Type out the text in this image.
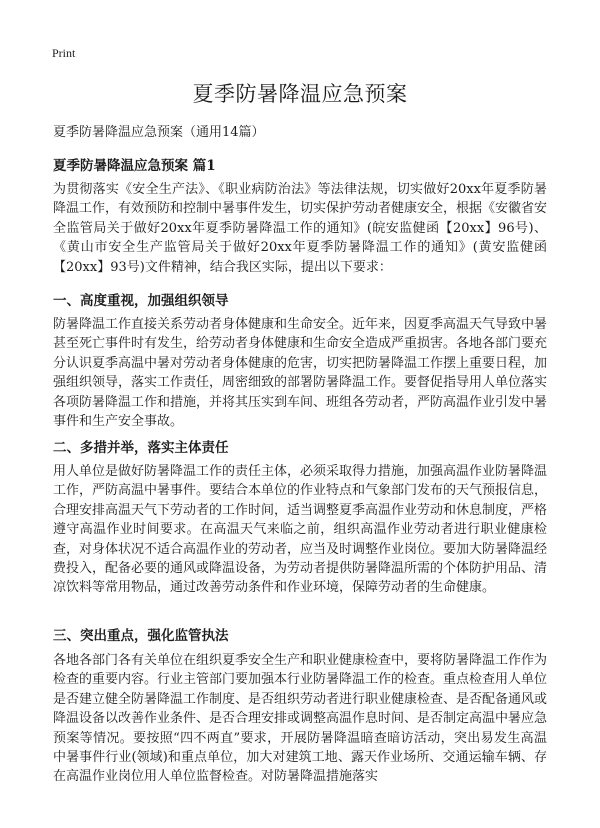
Print
夏季防暑降温应急预案
夏季防暑降温应急预案（通用14篇）
夏季防暑降温应急预案 篇1
为贯彻落实《安全生产法》、《职业病防治法》等法律法规，切实做好20xx年夏季防暑降温工作，有效预防和控制中暑事件发生，切实保护劳动者健康安全，根据《安徽省安全监管局关于做好20xx年夏季防暑降温工作的通知》(皖安监健函【20xx】96号)、《黄山市安全生产监管局关于做好20xx年夏季防暑降温工作的通知》(黄安监健函【20xx】93号)文件精神，结合我区实际，提出以下要求：
一、高度重视，加强组织领导
防暑降温工作直接关系劳动者身体健康和生命安全。近年来，因夏季高温天气导致中暑甚至死亡事件时有发生，给劳动者身体健康和生命安全造成严重损害。各地各部门要充分认识夏季高温中暑对劳动者身体健康的危害，切实把防暑降温工作摆上重要日程，加强组织领导，落实工作责任，周密细致的部署防暑降温工作。要督促指导用人单位落实各项防暑降温工作和措施，并将其压实到车间、班组各劳动者，严防高温作业引发中暑事件和生产安全事故。
二、多措并举，落实主体责任
用人单位是做好防暑降温工作的责任主体，必须采取得力措施，加强高温作业防暑降温工作，严防高温中暑事件。要结合本单位的作业特点和气象部门发布的天气预报信息，合理安排高温天气下劳动者的工作时间，适当调整夏季高温作业劳动和休息制度，严格遵守高温作业时间要求。在高温天气来临之前，组织高温作业劳动者进行职业健康检查，对身体状况不适合高温作业的劳动者，应当及时调整作业岗位。要加大防暑降温经费投入，配备必要的通风或降温设备，为劳动者提供防暑降温所需的个体防护用品、清凉饮料等常用物品，通过改善劳动条件和作业环境，保障劳动者的生命健康。
三、突出重点，强化监管执法
各地各部门各有关单位在组织夏季安全生产和职业健康检查中，要将防暑降温工作作为检查的重要内容。行业主管部门要加强本行业防暑降温工作的检查。重点检查用人单位是否建立健全防暑降温工作制度、是否组织劳动者进行职业健康检查、是否配备通风或降温设备以改善作业条件、是否合理安排或调整高温作息时间、是否制定高温中暑应急预案等情况。要按照“四不两直”要求，开展防暑降温暗查暗访活动，突出易发生高温中暑事件行业(领域)和重点单位，加大对建筑工地、露天作业场所、交通运输车辆、存在高温作业岗位用人单位监督检查。对防暑降温措施落实
